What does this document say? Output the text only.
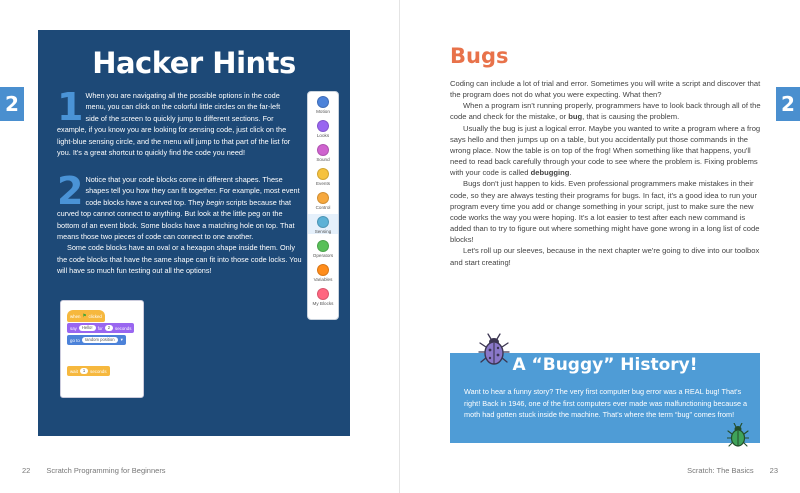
2	2
Hacker Hints
1 When you are navigating all the possible options in the code menu, you can click on the colorful little circles on the far-left side of the screen to quickly jump to different sections. For example, if you know you are looking for sensing code, just click on the light-blue sensing circle, and the menu will jump to that part of the list for you. It's a great shortcut to quickly find the code you need!

2 Notice that your code blocks come in different shapes. These shapes tell you how they can fit together. For example, most event code blocks have a curved top. They begin scripts because that curved top cannot connect to anything. But look at the little peg on the bottom of an event block. Some blocks have a matching hole on top. That means those two pieces of code can connect to one another.

Some code blocks have an oval or a hexagon shape inside them. Only the code blocks that have the same shape can fit into those code locks. You will have so much fun testing out all the options!

Motion
Looks
Sound
Events
Control
Sensing
Operators
Variables
My Blocks
when ⚑ clicked
say	Hello!	for	2	seconds
go to	random position	▾
wait	1	seconds
22 Scratch Programming for Beginners
Bugs

Coding can include a lot of trial and error. Sometimes you will write a script and discover that the program does not do what you were expecting. What then?

When a program isn't running properly, programmers have to look back through all of the code and check for the mistake, or bug, that is causing the problem.

Usually the bug is just a logical error. Maybe you wanted to write a program where a frog says hello and then jumps up on a table, but you accidentally put those commands in the wrong place. Now the table is on top of the frog! When something like that happens, you'll need to read back carefully through your code to see where the problem is. Fixing problems with your code is called debugging.

Bugs don't just happen to kids. Even professional programmers make mistakes in their code, so they are always testing their programs for bugs. In fact, it's a good idea to run your program every time you add or change something in your script, just to make sure the new code works the way you were hoping. It's a lot easier to test after each new command is added than to try to figure out where something might have gone wrong in a long list of code blocks!

Let's roll up our sleeves, because in the next chapter we're going to dive into our toolbox and start creating!

A “Buggy” History!
Want to hear a funny story? The very first computer bug error was a REAL bug! That's right! Back in 1946, one of the first computers ever made was malfunctioning because a moth had gotten stuck inside the machine. That's where the term “bug” comes from!
Scratch: The Basics 23
